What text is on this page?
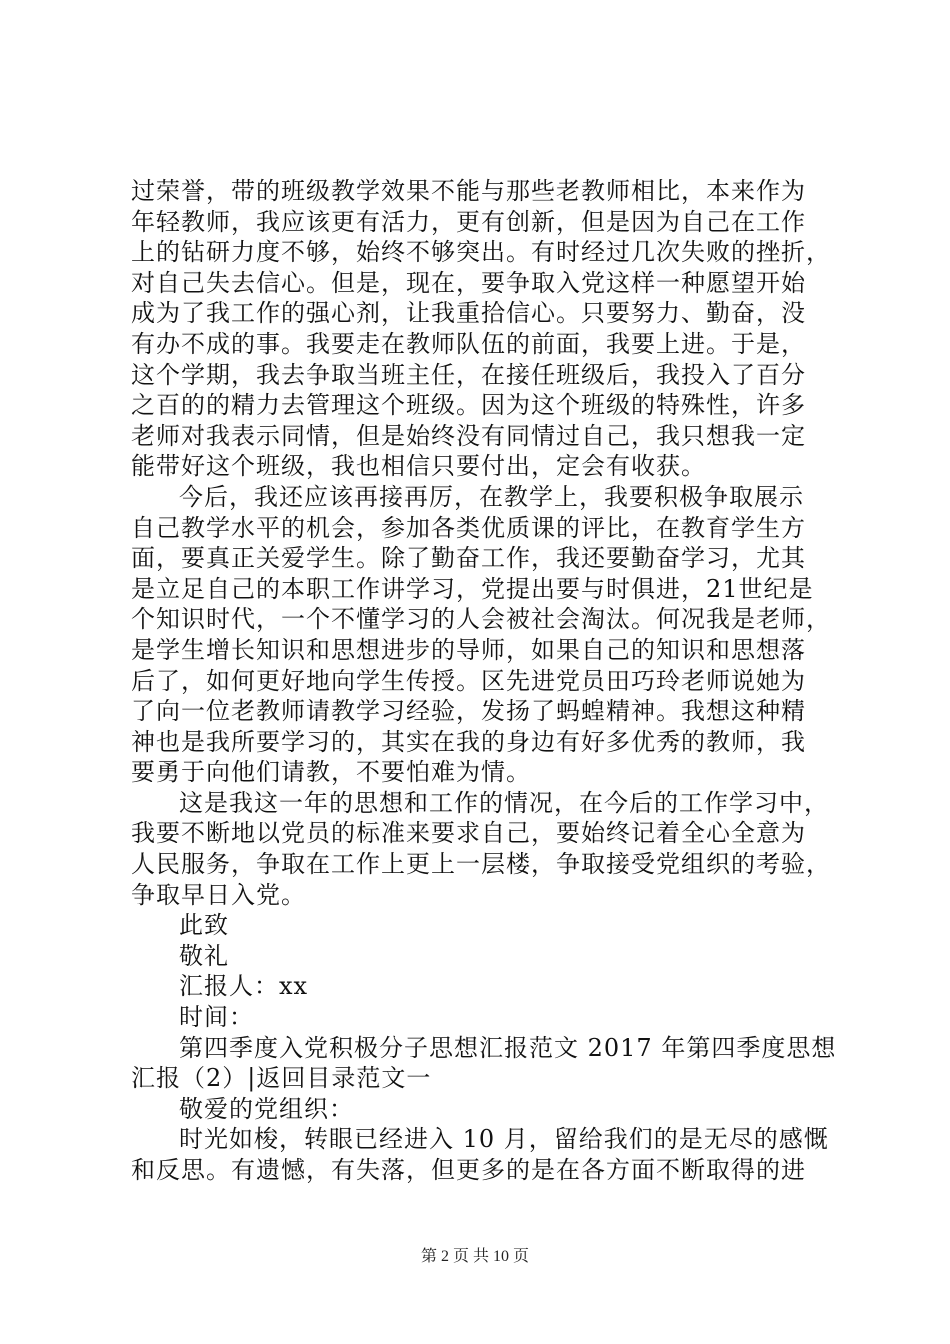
过荣誉，带的班级教学效果不能与那些老教师相比，本来作为
年轻教师，我应该更有活力，更有创新，但是因为自己在工作
上的钻研力度不够，始终不够突出。有时经过几次失败的挫折，
对自己失去信心。但是，现在，要争取入党这样一种愿望开始
成为了我工作的强心剂，让我重拾信心。只要努力、勤奋，没
有办不成的事。我要走在教师队伍的前面，我要上进。于是，
这个学期，我去争取当班主任，在接任班级后，我投入了百分
之百的的精力去管理这个班级。因为这个班级的特殊性，许多
老师对我表示同情，但是始终没有同情过自己，我只想我一定
能带好这个班级，我也相信只要付出，定会有收获。
今后，我还应该再接再厉，在教学上，我要积极争取展示
自己教学水平的机会，参加各类优质课的评比，在教育学生方
面，要真正关爱学生。除了勤奋工作，我还要勤奋学习，尤其
是立足自己的本职工作讲学习，党提出要与时俱进，21世纪是
个知识时代，一个不懂学习的人会被社会淘汰。何况我是老师，
是学生增长知识和思想进步的导师，如果自己的知识和思想落
后了，如何更好地向学生传授。区先进党员田巧玲老师说她为
了向一位老教师请教学习经验，发扬了蚂蝗精神。我想这种精
神也是我所要学习的，其实在我的身边有好多优秀的教师，我
要勇于向他们请教，不要怕难为情。
这是我这一年的思想和工作的情况，在今后的工作学习中，
我要不断地以党员的标准来要求自己，要始终记着全心全意为
人民服务，争取在工作上更上一层楼，争取接受党组织的考验，
争取早日入党。
此致
敬礼
汇报人：xx
时间：
第四季度入党积极分子思想汇报范文 2017 年第四季度思想
汇报（2）|返回目录范文一
敬爱的党组织：
时光如梭，转眼已经进入 10 月，留给我们的是无尽的感慨
和反思。有遗憾，有失落，但更多的是在各方面不断取得的进
第 2 页 共 10 页
